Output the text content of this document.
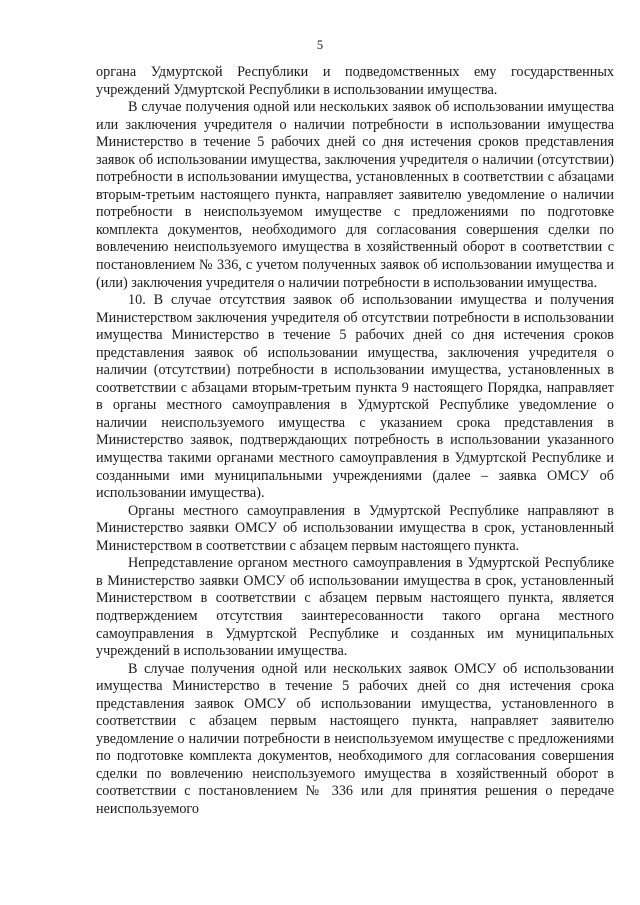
5

органа Удмуртской Республики и подведомственных ему государственных учреждений Удмуртской Республики в использовании имущества.

В случае получения одной или нескольких заявок об использовании имущества или заключения учредителя о наличии потребности в использовании имущества Министерство в течение 5 рабочих дней со дня истечения сроков представления заявок об использовании имущества, заключения учредителя о наличии (отсутствии) потребности в использовании имущества, установленных в соответствии с абзацами вторым-третьим настоящего пункта, направляет заявителю уведомление о наличии потребности в неиспользуемом имуществе с предложениями по подготовке комплекта документов, необходимого для согласования совершения сделки по вовлечению неиспользуемого имущества в хозяйственный оборот в соответствии с постановлением № 336, с учетом полученных заявок об использовании имущества и (или) заключения учредителя о наличии потребности в использовании имущества.

10. В случае отсутствия заявок об использовании имущества и получения Министерством заключения учредителя об отсутствии потребности в использовании имущества Министерство в течение 5 рабочих дней со дня истечения сроков представления заявок об использовании имущества, заключения учредителя о наличии (отсутствии) потребности в использовании имущества, установленных в соответствии с абзацами вторым-третьим пункта 9 настоящего Порядка, направляет в органы местного самоуправления в Удмуртской Республике уведомление о наличии неиспользуемого имущества с указанием срока представления в Министерство заявок, подтверждающих потребность в использовании указанного имущества такими органами местного самоуправления в Удмуртской Республике и созданными ими муниципальными учреждениями (далее – заявка ОМСУ об использовании имущества).

Органы местного самоуправления в Удмуртской Республике направляют в Министерство заявки ОМСУ об использовании имущества в срок, установленный Министерством в соответствии с абзацем первым настоящего пункта.

Непредставление органом местного самоуправления в Удмуртской Республике в Министерство заявки ОМСУ об использовании имущества в срок, установленный Министерством в соответствии с абзацем первым настоящего пункта, является подтверждением отсутствия заинтересованности такого органа местного самоуправления в Удмуртской Республике и созданных им муниципальных учреждений в использовании имущества.

В случае получения одной или нескольких заявок ОМСУ об использовании имущества Министерство в течение 5 рабочих дней со дня истечения срока представления заявок ОМСУ об использовании имущества, установленного в соответствии с абзацем первым настоящего пункта, направляет заявителю уведомление о наличии потребности в неиспользуемом имуществе с предложениями по подготовке комплекта документов, необходимого для согласования совершения сделки по вовлечению неиспользуемого имущества в хозяйственный оборот в соответствии с постановлением № 336 или для принятия решения о передаче неиспользуемого
